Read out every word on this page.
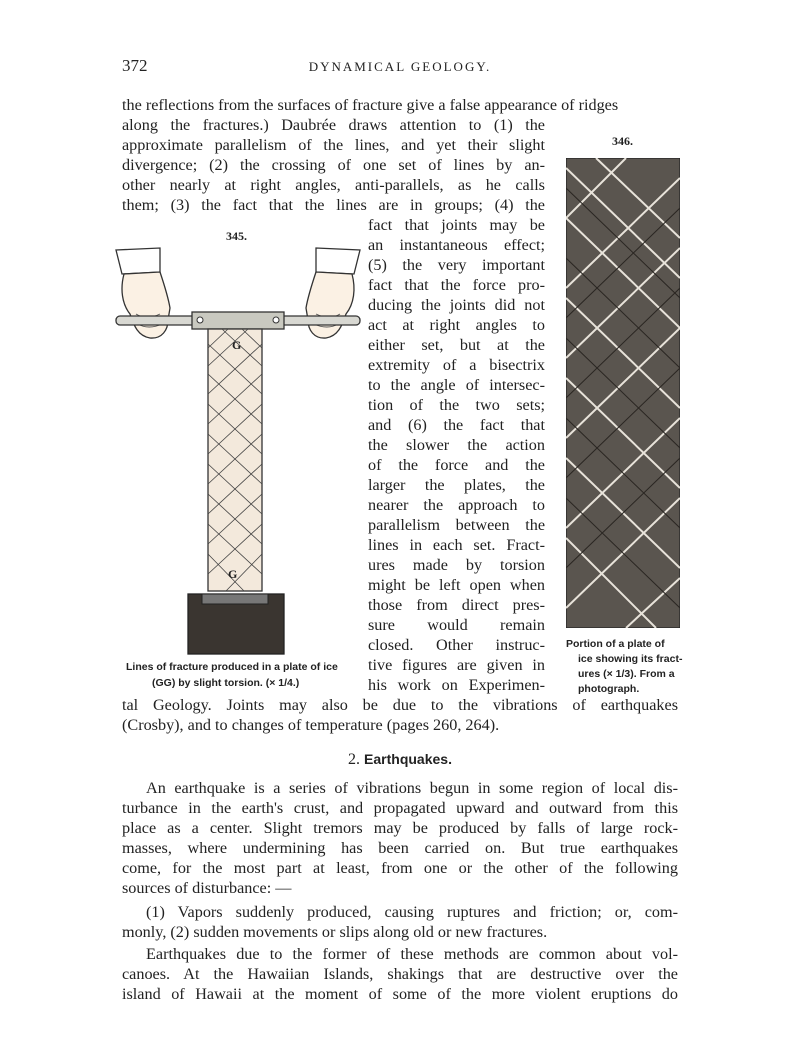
372	DYNAMICAL GEOLOGY.
the reflections from the surfaces of fracture give a false appearance of ridges
along the fractures.) Daubrée draws attention to (1) the
approximate parallelism of the lines, and yet their slight
divergence; (2) the crossing of one set of lines by an-
other nearly at right angles, anti-parallels, as he calls
them; (3) the fact that the lines are in groups; (4) the
fact that joints may be
an instantaneous effect;
(5) the very important
fact that the force pro-
ducing the joints did not
act at right angles to
either set, but at the
extremity of a bisectrix
to the angle of intersec-
tion of the two sets;
and (6) the fact that
the slower the action
of the force and the
larger the plates, the
nearer the approach to
parallelism between the
lines in each set. Fract-
ures made by torsion
might be left open when
those from direct pres-
sure would remain
closed. Other instruc-
tive figures are given in
his work on Experimen-
tal Geology. Joints may also be due to the vibrations of earthquakes
(Crosby), and to changes of temperature (pages 260, 264).
345.
G
G
Lines of fracture produced in a plate of ice
(GG) by slight torsion. (× 1/4.)
346.
Portion of a plate of
ice showing its fract-
ures (× 1/3). From a
photograph.
2. Earthquakes.
An earthquake is a series of vibrations begun in some region of local dis-
turbance in the earth's crust, and propagated upward and outward from this
place as a center. Slight tremors may be produced by falls of large rock-
masses, where undermining has been carried on. But true earthquakes
come, for the most part at least, from one or the other of the following
sources of disturbance: —
(1) Vapors suddenly produced, causing ruptures and friction; or, com-
monly, (2) sudden movements or slips along old or new fractures.
Earthquakes due to the former of these methods are common about vol-
canoes. At the Hawaiian Islands, shakings that are destructive over the
island of Hawaii at the moment of some of the more violent eruptions do
